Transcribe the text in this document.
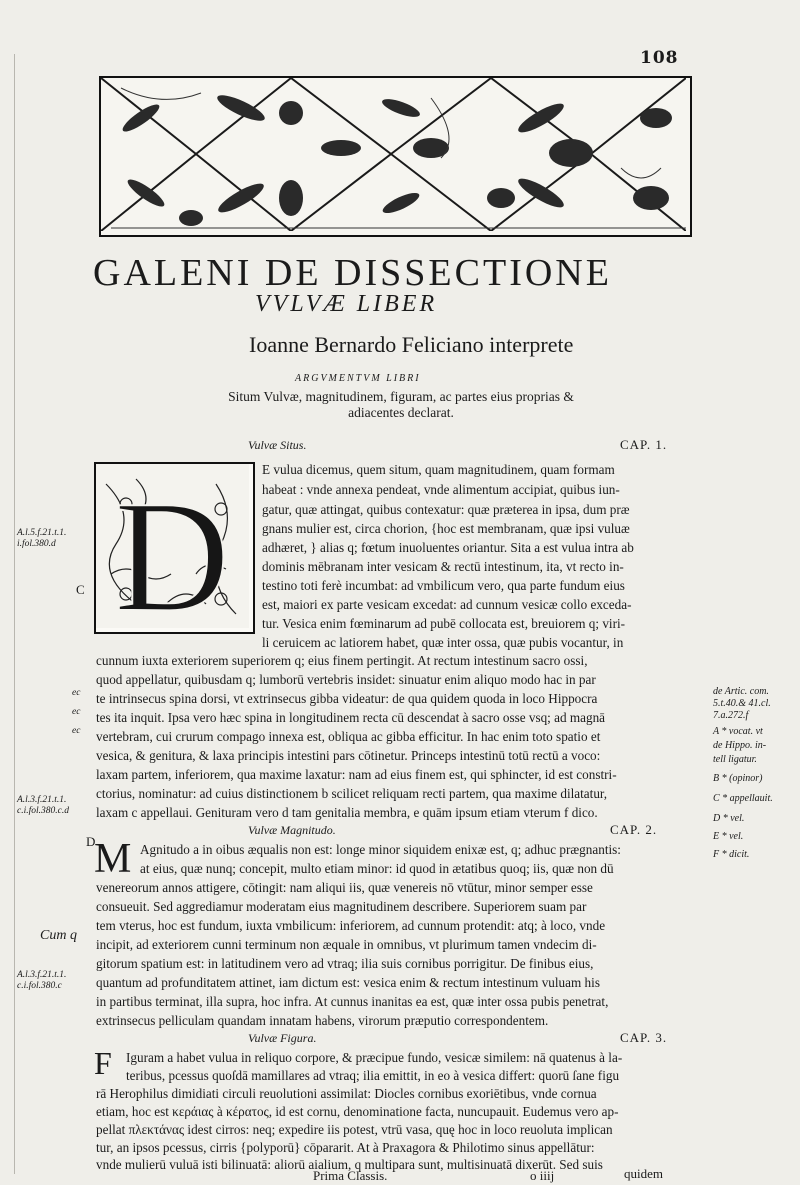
108
GALENI DE DISSECTIONE
VVLVÆ LIBER
Ioanne Bernardo Feliciano interprete
ARGVMENTVM LIBRI
Situm Vulvæ, magnitudinem, figuram, ac partes eius proprias & adiacentes declarat.
Vulvæ Situs.	CAP. 1.
D E vulua dicemus, quem situm, quam magnitudinem, quam formam
habeat : vnde annexa pendeat, vnde alimentum accipiat, quibus iun-
gatur, quæ attingat, quibus contexatur: quæ præterea in ipsa, dum præ
gnans mulier est, circa chorion, {hoc est membranam, quæ ipsi vuluæ
adhæret, } alias q; fœtum inuoluentes oriantur. Sita a est vulua intra ab
dominis mēbranam inter vesicam & rectū intestinum, ita, vt recto in-
testino toti ferè incumbat: ad vmbilicum vero, qua parte fundum eius
est, maiori ex parte vesicam excedat: ad cunnum vesicæ collo exceda-
tur. Vesica enim fœminarum ad pubē collocata est, breuiorem q; viri-
li ceruicem ac latiorem habet, quæ inter ossa, quæ pubis vocantur, in
cunnum iuxta exteriorem superiorem q; eius finem pertingit. At rectum intestinum sacro ossi,
quod appellatur, quibusdam q; lumborū vertebris insidet: sinuatur enim aliquo modo hac in par
te intrinsecus spina dorsi, vt extrinsecus gibba videatur: de qua quidem quoda in loco Hippocra
tes ita inquit. Ipsa vero hæc spina in longitudinem recta cū descendat à sacro osse vsq; ad magnā
vertebram, cui crurum compago innexa est, obliqua ac gibba efficitur. In hac enim toto spatio et
vesica, & genitura, & laxa principis intestini pars cōtinetur. Princeps intestinū totū rectū a voco:
laxam partem, inferiorem, qua maxime laxatur: nam ad eius finem est, qui sphincter, id est constri-
ctorius, nominatur: ad cuius distinctionem b scilicet reliquam recti partem, qua maxime dilatatur,
laxam c appellaui. Genituram vero d tam genitalia membra, e quām ipsum etiam vterum f dico.
Vulvæ Magnitudo.	CAP. 2.
M Agnitudo a in oibus æqualis non est: longe minor siquidem enixæ est, q; adhuc prægnantis:
at eius, quæ nunq; concepit, multo etiam minor: id quod in ætatibus quoq; iis, quæ non dū
venereorum annos attigere, cōtingit: nam aliqui iis, quæ venereis nō vtūtur, minor semper esse
consueuit. Sed aggrediamur moderatam eius magnitudinem describere. Superiorem suam par
tem vterus, hoc est fundum, iuxta vmbilicum: inferiorem, ad cunnum protendit: atq; à loco, vnde
incipit, ad exteriorem cunni terminum non æquale in omnibus, vt plurimum tamen vndecim di-
gitorum spatium est: in latitudinem vero ad vtraq; ilia suis cornibus porrigitur. De finibus eius,
quantum ad profunditatem attinet, iam dictum est: vesica enim & rectum intestinum vuluam his
in partibus terminat, illa supra, hoc infra. At cunnus inanitas ea est, quæ inter ossa pubis penetrat,
extrinsecus pelliculam quandam innatam habens, virorum præputio correspondentem.
Vulvæ Figura.	CAP. 3.
F Iguram a habet vulua in reliquo corpore, & præcipue fundo, vesicæ similem: nā quatenus à la-
teribus, pcessus quoſdā mamillares ad vtraq; ilia emittit, in eo à vesica differt: quorū ſane figu
rā Herophilus dimidiati circuli reuolutioni assimilat: Diocles cornibus exoriētibus, vnde cornua
etiam, hoc est κεράιας à κέρατος, id est cornu, denominatione facta, nuncupauit. Eudemus vero ap-
pellat πλεκτάνας idest cirros: neq; expedire iis potest, vtrū vasa, quę hoc in loco reuoluta implican
tur, an ipsos pcessus, cirris {polyporū} cōpararit. At à Praxagora & Philotimo sinus appellātur:
vnde mulierū vuluā isti bilinuatā: aliorū aialium, q multipara sunt, multisinuatā dixerūt. Sed suis
A.l.5.f.21.t.1.
i.fol.380.d
C
ec
ec
ec
A.l.3.f.21.t.1.
c.i.fol.380.c.d
D
Cum q
A.l.3.f.21.t.1.
c.i.fol.380.c
de Artic. com.
5.t.40.& 41.cl.
7.a.272.f
A * vocat. vt
de Hippo. in-
tell ligatur.
B * (opinor)
C * appellauit.
D * vel.
E * vel.
F * dicit.
Prima Classis.	o iiij	quidem
